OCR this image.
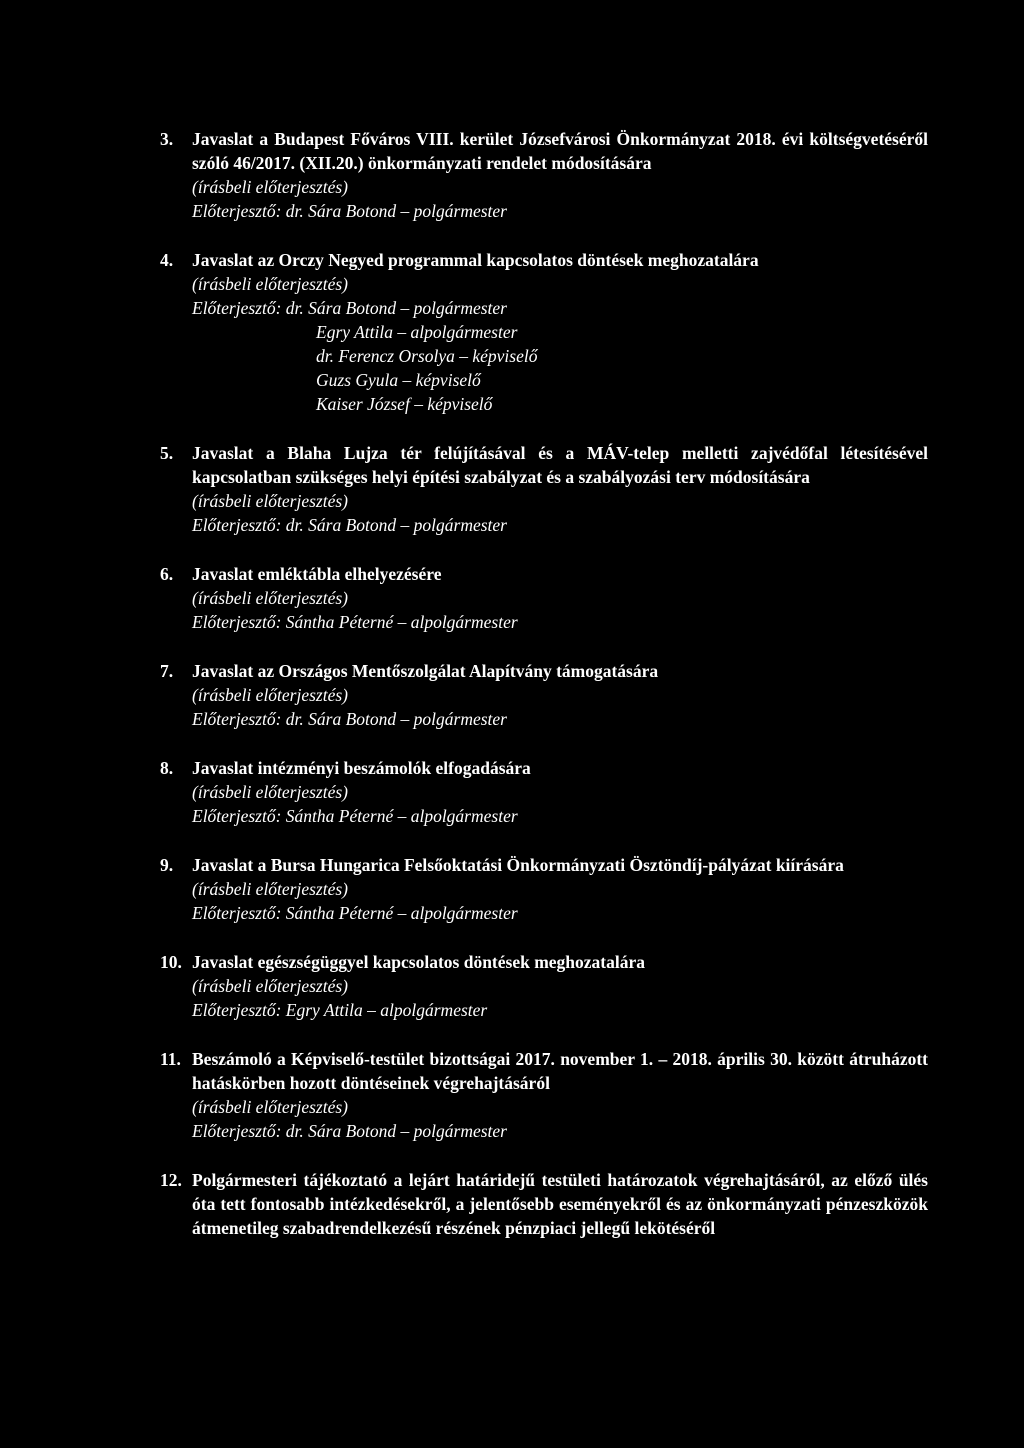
3. Javaslat a Budapest Főváros VIII. kerület Józsefvárosi Önkormányzat 2018. évi költségvetéséről szóló 46/2017. (XII.20.) önkormányzati rendelet módosítására

(írásbeli előterjesztés)

Előterjesztő: dr. Sára Botond – polgármester

4. Javaslat az Orczy Negyed programmal kapcsolatos döntések meghozatalára

(írásbeli előterjesztés)

Előterjesztő: dr. Sára Botond – polgármester

Egry Attila – alpolgármester

dr. Ferencz Orsolya – képviselő

Guzs Gyula – képviselő

Kaiser József – képviselő

5. Javaslat a Blaha Lujza tér felújításával és a MÁV-telep melletti zajvédőfal létesítésével kapcsolatban szükséges helyi építési szabályzat és a szabályozási terv módosítására

(írásbeli előterjesztés)

Előterjesztő: dr. Sára Botond – polgármester

6. Javaslat emléktábla elhelyezésére

(írásbeli előterjesztés)

Előterjesztő: Sántha Péterné – alpolgármester

7. Javaslat az Országos Mentőszolgálat Alapítvány támogatására

(írásbeli előterjesztés)

Előterjesztő: dr. Sára Botond – polgármester

8. Javaslat intézményi beszámolók elfogadására

(írásbeli előterjesztés)

Előterjesztő: Sántha Péterné – alpolgármester

9. Javaslat a Bursa Hungarica Felsőoktatási Önkormányzati Ösztöndíj-pályázat kiírására

(írásbeli előterjesztés)

Előterjesztő: Sántha Péterné – alpolgármester

10. Javaslat egészségüggyel kapcsolatos döntések meghozatalára

(írásbeli előterjesztés)

Előterjesztő: Egry Attila – alpolgármester

11. Beszámoló a Képviselő-testület bizottságai 2017. november 1. – 2018. április 30. között átruházott hatáskörben hozott döntéseinek végrehajtásáról

(írásbeli előterjesztés)

Előterjesztő: dr. Sára Botond – polgármester

12. Polgármesteri tájékoztató a lejárt határidejű testületi határozatok végrehajtásáról, az előző ülés óta tett fontosabb intézkedésekről, a jelentősebb eseményekről és az önkormányzati pénzeszközök átmenetileg szabadrendelkezésű részének pénzpiaci jellegű lekötéséről
